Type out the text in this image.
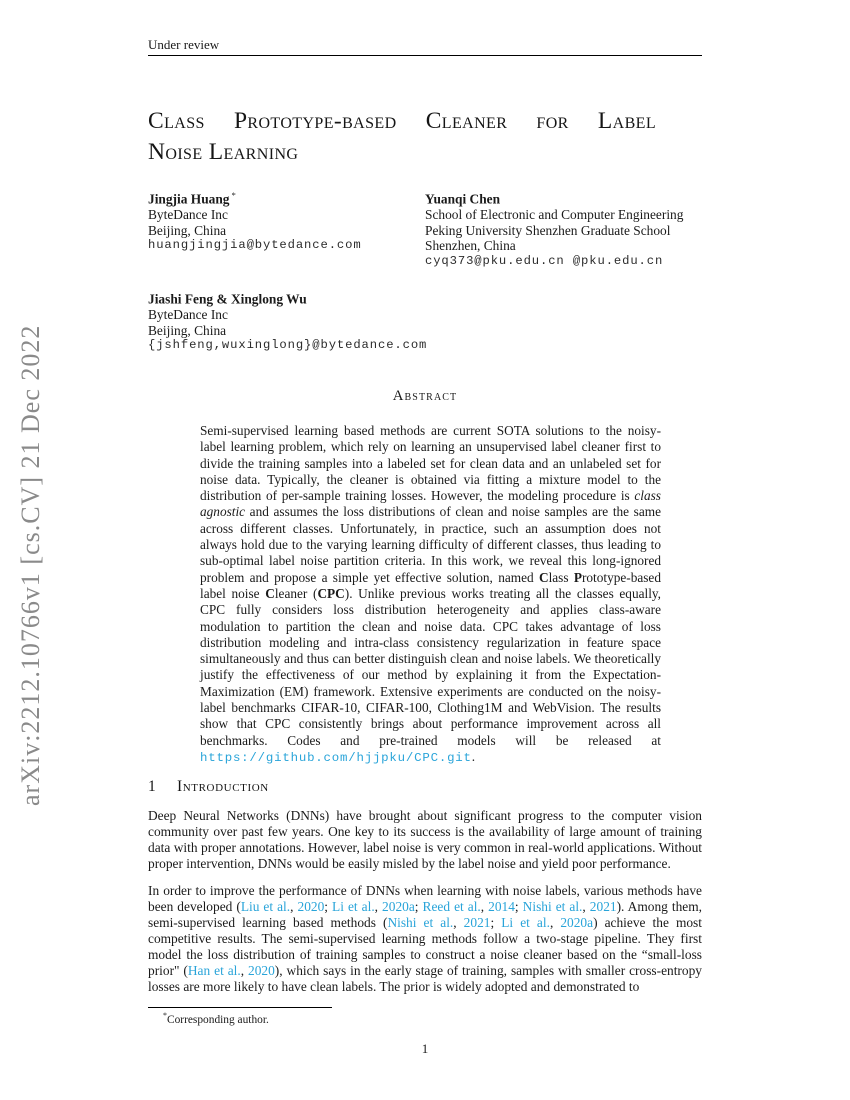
arXiv:2212.10766v1 [cs.CV] 21 Dec 2022
Under review
Class Prototype-based Cleaner for Label
Noise Learning
Jingjia Huang *
ByteDance Inc
Beijing, China
huangjingjia@bytedance.com
Yuanqi Chen
School of Electronic and Computer Engineering
Peking University Shenzhen Graduate School
Shenzhen, China
cyq373@pku.edu.cn @pku.edu.cn
Jiashi Feng & Xinglong Wu
ByteDance Inc
Beijing, China
{jshfeng,wuxinglong}@bytedance.com
Abstract
Semi-supervised learning based methods are current SOTA solutions to the noisy-label learning problem, which rely on learning an unsupervised label cleaner first to divide the training samples into a labeled set for clean data and an unlabeled set for noise data. Typically, the cleaner is obtained via fitting a mixture model to the distribution of per-sample training losses. However, the modeling procedure is class agnostic and assumes the loss distributions of clean and noise samples are the same across different classes. Unfortunately, in practice, such an assumption does not always hold due to the varying learning difficulty of different classes, thus leading to sub-optimal label noise partition criteria. In this work, we reveal this long-ignored problem and propose a simple yet effective solution, named Class Prototype-based label noise Cleaner (CPC). Unlike previous works treating all the classes equally, CPC fully considers loss distribution heterogeneity and applies class-aware modulation to partition the clean and noise data. CPC takes advantage of loss distribution modeling and intra-class consistency regularization in feature space simultaneously and thus can better distinguish clean and noise labels. We theoretically justify the effectiveness of our method by explaining it from the Expectation-Maximization (EM) framework. Extensive experiments are conducted on the noisy-label benchmarks CIFAR-10, CIFAR-100, Clothing1M and WebVision. The results show that CPC consistently brings about performance improvement across all benchmarks. Codes and pre-trained models will be released at https://github.com/hjjpku/CPC.git.
1 Introduction

Deep Neural Networks (DNNs) have brought about significant progress to the computer vision community over past few years. One key to its success is the availability of large amount of training data with proper annotations. However, label noise is very common in real-world applications. Without proper intervention, DNNs would be easily misled by the label noise and yield poor performance.

In order to improve the performance of DNNs when learning with noise labels, various methods have been developed (Liu et al., 2020; Li et al., 2020a; Reed et al., 2014; Nishi et al., 2021). Among them, semi-supervised learning based methods (Nishi et al., 2021; Li et al., 2020a) achieve the most competitive results. The semi-supervised learning methods follow a two-stage pipeline. They first model the loss distribution of training samples to construct a noise cleaner based on the “small-loss prior" (Han et al., 2020), which says in the early stage of training, samples with smaller cross-entropy losses are more likely to have clean labels. The prior is widely adopted and demonstrated to

*Corresponding author.
1
